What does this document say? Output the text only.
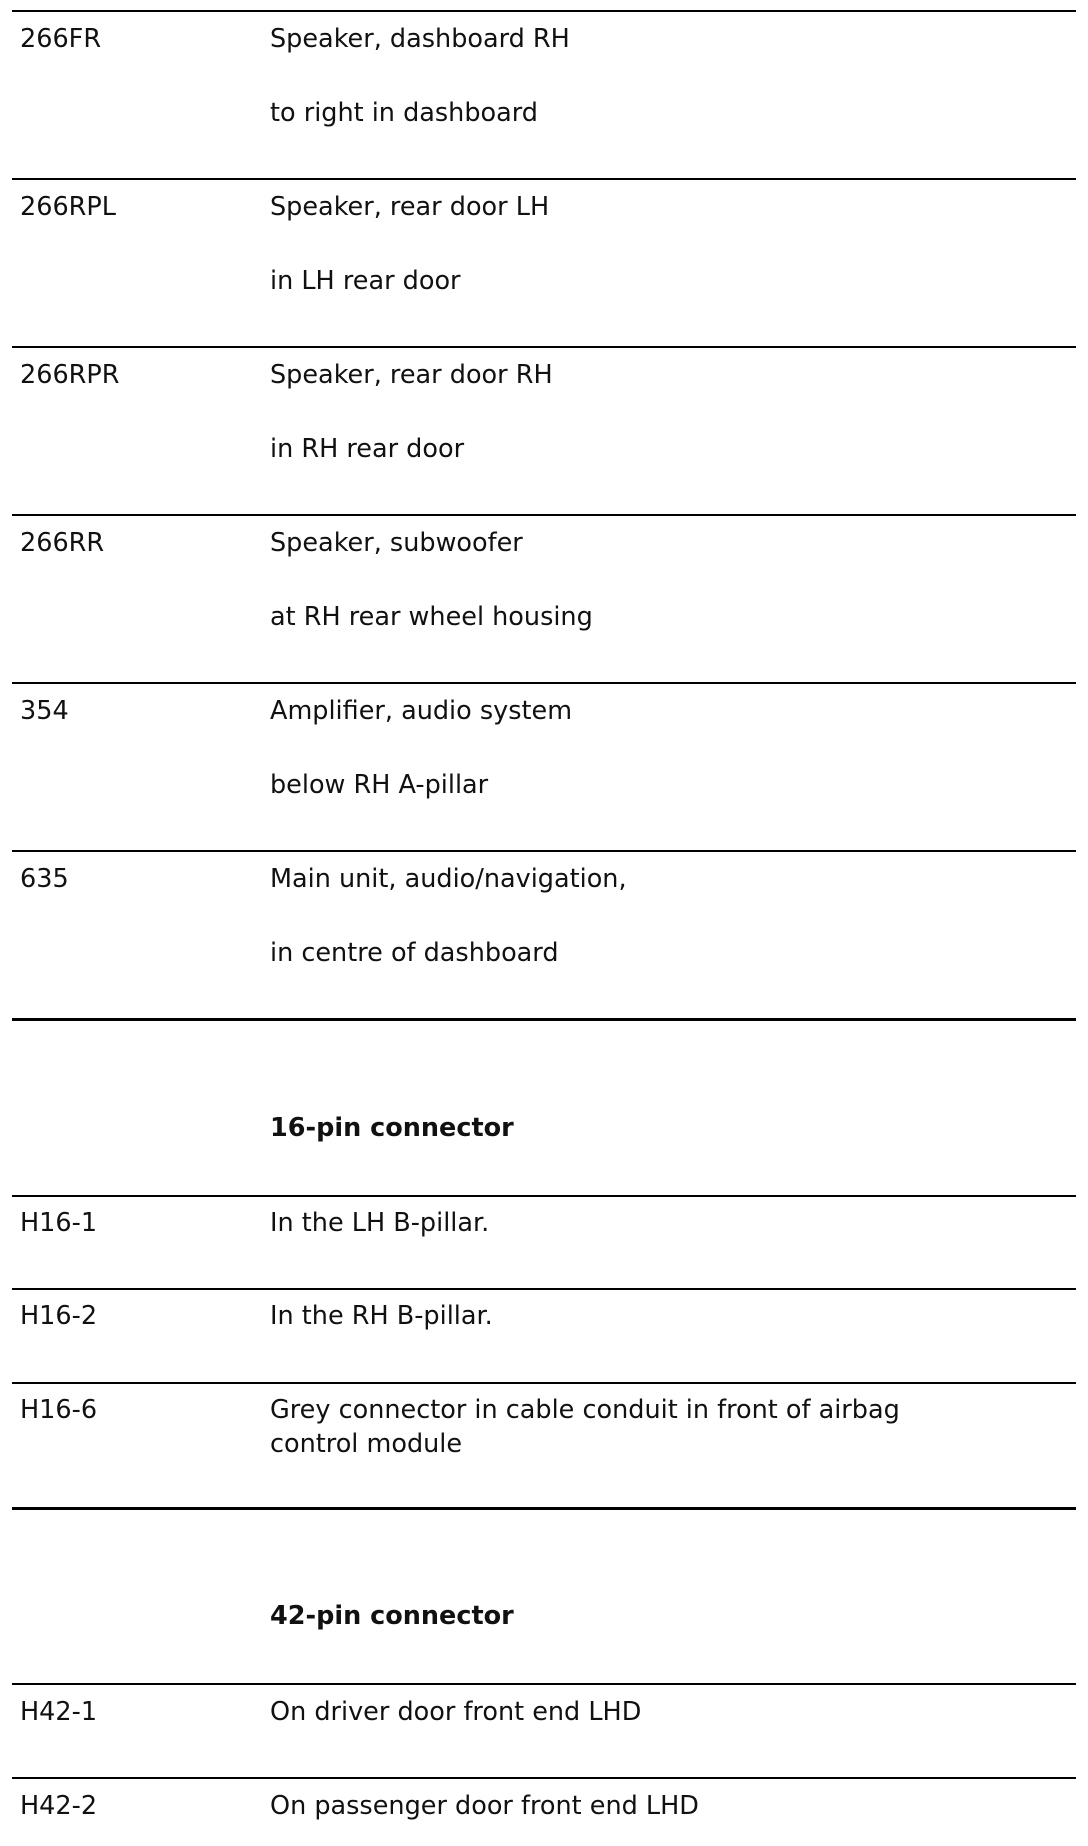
266FR	Speaker, dashboard RH
to right in dashboard
266RPL	Speaker, rear door LH
in LH rear door
266RPR	Speaker, rear door RH
in RH rear door
266RR	Speaker, subwoofer
at RH rear wheel housing
354	Amplifier, audio system
below RH A-pillar
635	Main unit, audio/navigation,
in centre of dashboard
16-pin connector
H16-1	In the LH B-pillar.
H16-2	In the RH B-pillar.
H16-6	Grey connector in cable conduit in front of airbag control module
42-pin connector
H42-1	On driver door front end LHD
H42-2	On passenger door front end LHD
